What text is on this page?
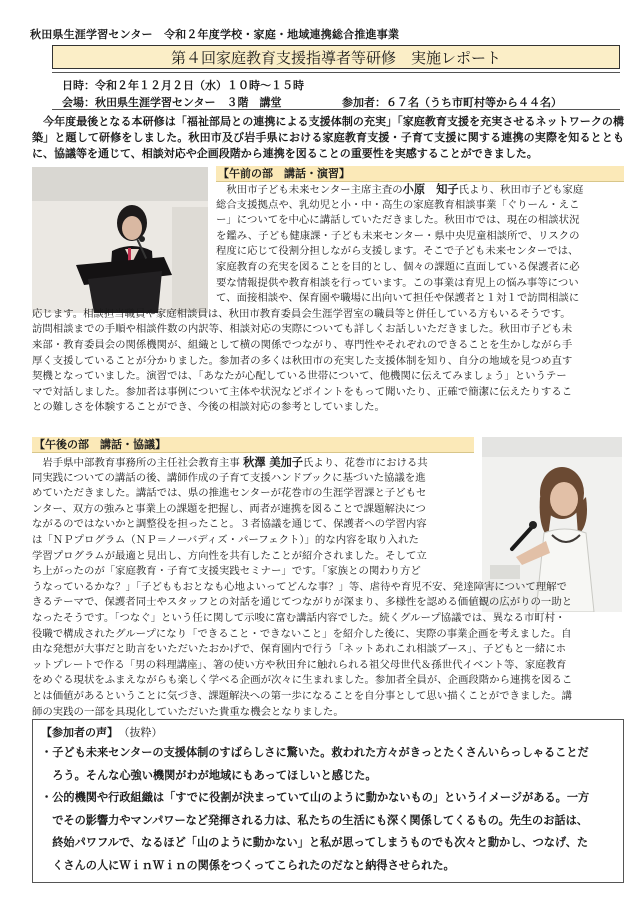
秋田県生涯学習センター　令和２年度学校・家庭・地域連携総合推進事業
第４回家庭教育支援指導者等研修　実施レポート
日時：令和２年１２月２日（水）１０時～１５時
会場：秋田県生涯学習センター　３階　講堂	参加者：６７名（うち市町村等から４４名）

今年度最後となる本研修は「福祉部局との連携による支援体制の充実」「家庭教育支援を充実させるネットワークの構築」と題して研修をしました。秋田市及び岩手県における家庭教育支援・子育て支援に関する連携の実際を知るとともに、協議等を通じて、相談対応や企画段階から連携を図ることの重要性を実感することができました。

【午前の部　講話・演習】
　秋田市子ども未来センター主席主査の小原　知子氏より、秋田市子ども家庭
総合支援拠点や、乳幼児と小・中・高生の家庭教育相談事業「ぐりーん・えこ
ー」についてを中心に講話していただきました。秋田市では、現在の相談状況
を鑑み、子ども健康課・子ども未来センター・県中央児童相談所で、リスクの
程度に応じて役割分担しながら支援します。そこで子ども未来センターでは、
家庭教育の充実を図ることを目的とし、個々の課題に直面している保護者に必
要な情報提供や教育相談を行っています。この事業は育児上の悩み事等につい
て、面接相談や、保育園や職場に出向いて担任や保護者と１対１で訪問相談に
応じます。相談担当職員や家庭相談員は、秋田市教育委員会生涯学習室の職員等と併任している方もいるそうです。
訪問相談までの手順や相談件数の内訳等、相談対応の実際についても詳しくお話しいただきました。秋田市子ども未
来部・教育委員会の関係機関が、組織として横の関係でつながり、専門性やそれぞれのできることを生かしながら手
厚く支援していることが分かりました。参加者の多くは秋田市の充実した支援体制を知り、自分の地域を見つめ直す
契機となっていました。演習では、「あなたが心配している世帯について、他機関に伝えてみましょう」というテー
マで対話しました。参加者は事例について主体や状況などポイントをもって聞いたり、正確で簡潔に伝えたりするこ
との難しさを体験することができ、今後の相談対応の参考としていました。
【午後の部　講話・協議】
　岩手県中部教育事務所の主任社会教育主事 秋澤 美加子氏より、花巻市における共
同実践についての講話の後、講師作成の子育て支援ハンドブックに基づいた協議を進
めていただきました。講話では、県の推進センターが花巻市の生涯学習課と子どもセ
ンター、双方の強みと事業上の課題を把握し、両者が連携を図ることで課題解決につ
ながるのではないかと調整役を担ったこと。３者協議を通じて、保護者への学習内容
は「ＮＰプログラム（ＮＰ＝ノーバディズ・パーフェクト）」的な内容を取り入れた
学習プログラムが最適と見出し、方向性を共有したことが紹介されました。そして立
ち上がったのが「家庭教育・子育て支援実践セミナー」です。「家族との関わり方ど
うなっているかな？」「子どももおとなも心地よいってどんな事？」等、虐待や育児不安、発達障害について理解で
きるテーマで、保護者同士やスタッフとの対話を通じてつながりが深まり、多様性を認める価値観の広がりの一助と
なったそうです。「つなぐ」という任に関して示唆に富む講話内容でした。続くグループ協議では、異なる市町村・
役職で構成されたグループになり「できること・できないこと」を紹介した後に、実際の事業企画を考えました。自
由な発想が大事だと助言をいただいたおかげで、保育園内で行う「ネットあれこれ相談ブース」、子どもと一緒にホ
ットプレートで作る「男の料理講座」、箸の使い方や秋田弁に触れられる祖父母世代＆孫世代イベント等、家庭教育
をめぐる現状をふまえながらも楽しく学べる企画が次々に生まれました。参加者全員が、企画段階から連携を図るこ
とは価値があるということに気づき、課題解決への第一歩になることを自分事として思い描くことができました。講
師の実践の一部を具現化していただいた貴重な機会となりました。
【参加者の声】 （抜粋）
・子ども未来センターの支援体制のすばらしさに驚いた。救われた方々がきっとたくさんいらっしゃることだ
　ろう。そんな心強い機関がわが地域にもあってほしいと感じた。
・公的機関や行政組織は「すでに役割が決まっていて山のように動かないもの」というイメージがある。一方
　でその影響力やマンパワーなど発揮される力は、私たちの生活にも深く関係してくるもの。先生のお話は、
　終始パワフルで、なるほど「山のように動かない」と私が思ってしまうものでも次々と動かし、つなげ、た
　くさんの人にＷｉｎＷｉｎの関係をつくってこられたのだなと納得させられた。
